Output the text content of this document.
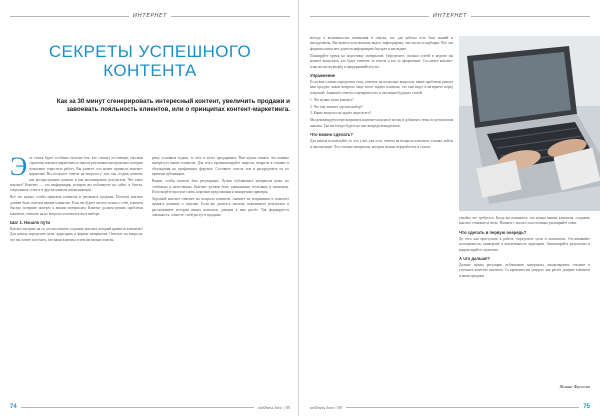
ИНТЕРНЕТ
СЕКРЕТЫ УСПЕШНОГО
КОНТЕНТА

Как за 30 минут сгенерировать интересный контент, увеличить продажи и завоевать лояльность клиентов, или о принципах контент-маркетинга.

Э та статья будет особенно полезна тем, кто считает отстающие системы стратегии контент-маркетинга и многие различные инструменты, которые позволяют упростить работу. Вы узнаете, что может принести контент-маркетинг. Вы получите ответы на вопросы о том, как создать контент, как распространить контент и как анализировать результаты. Что такое контент? Контент — это информация, которую вы публикуете на сайте, в блогах, социальных сетях и в других каналах коммуникации.

Всё это нужно, чтобы привлечь клиентов и увеличить продажи. Поэтому контент должен быть полезен вашим клиентам. Если вы будете писать только о себе, клиенты быстро потеряют интерес к вашим материалам. Контент должен решать проблемы клиентов, отвечать на их вопросы и помогать им в выборе.

Шаг 1. Начало пути

Как вы смотрите на то, что вы можете создавать контент, который нравится клиентам? Для начала определите цели, аудиторию и формат материалов. Ответьте на вопросы: что вы хотите получить, кто ваши клиенты и чем им можно помочь.

решу основные задачи, то чего и хотел предпринять. Вам нужно понять, что именно интересует ваших клиентов. Для этого проанализируйте запросы, вопросы в отзывах и обсуждения на профильных форумах. Составьте список тем и распределите их по времени публикации.

Важно, чтобы контент был регулярным. Лучше публиковать материалы реже, но стабильно и качественно. Контент должен быть уникальным, полезным и понятным. Используйте простые слова, короткие предложения и конкретные примеры.

Хороший контент отвечает на вопросы клиентов, снимает их возражения и помогает принять решение о покупке. Если вы делитесь опытом, показываете результаты и рассказываете истории ваших клиентов, доверие к вам растёт. Так формируется лояльность, а вместе с ней растут и продажи.

74	wellness love / 05
ИНТЕРНЕТ

метода о возможностях изменения и поиска, что для работы есть база знаний и инструменты. Вы можете использовать видео, инфографику, чек-листы и подборки. Все эти форматы помогают донести информацию быстрее и нагляднее.

Планируйте время на подготовку материалов. Определите, сколько статей в неделю вы можете выпускать, кто будет отвечать за тексты и кто за оформление. Составьте контент-план на месяц вперёд и придерживайтесь его.

Упражнение

Если вам сложно определить тему, ответьте на несколько вопросов: какие проблемы решает ваш продукт, какие вопросы чаще всего задают клиенты, что они ищут в интернете перед покупкой. Запишите ответы и превратите их в заголовки будущих статей.

1. Что нужно знать клиенту?

2. Что ему мешает сделать выбор?

3. Какие вопросы он задаёт чаще всего?

Мы рекомендуем пересматривать контент-план раз в месяц и добавлять темы по результатам анализа. Так вы всегда будете на шаг впереди конкурентов.

Что можно сделать?

Для начала используйте то, что у вас уже есть: ответы на вопросы клиентов, отзывы, кейсы и презентации. Это готовые материалы, которые можно переработать в статьи.

узнайте что требуется. Когда вы понимаете, что нужно вашим клиентам, создавать контент становится легко. Начните с малого и постепенно расширяйте охват.

Что сделать в первую очередь?

До того как приступать к работе, определите цели и показатели. Отслеживайте посещаемость, конверсию и вовлечённость аудитории. Анализируйте результаты и корректируйте стратегию.

А что дальше?

Дальше нужно регулярно публиковать материалы, анализировать отклики и улучшать качество контента. Со временем вы увидите, как растёт доверие клиентов и ваши продажи.

Жанна Фролова
wellness love / 05	75
